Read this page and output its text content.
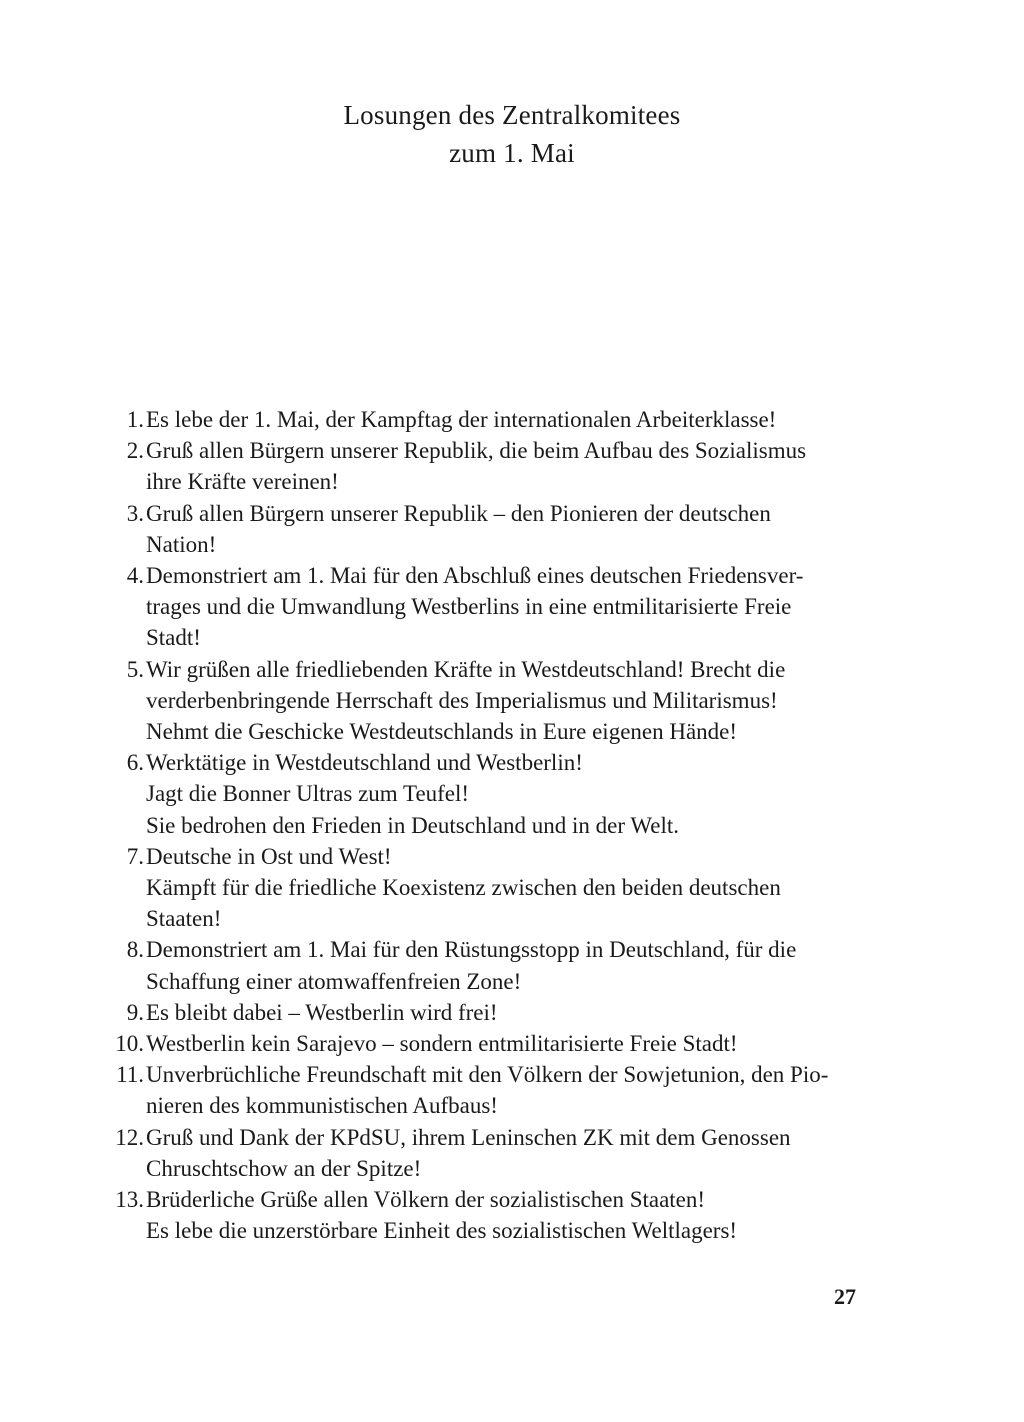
Losungen des Zentralkomitees
zum 1. Mai
1. Es lebe der 1. Mai, der Kampftag der internationalen Arbeiterklasse!
2. Gruß allen Bürgern unserer Republik, die beim Aufbau des Sozialismus
ihre Kräfte vereinen!
3. Gruß allen Bürgern unserer Republik – den Pionieren der deutschen
Nation!
4. Demonstriert am 1. Mai für den Abschluß eines deutschen Friedensver-
trages und die Umwandlung Westberlins in eine entmilitarisierte Freie
Stadt!
5. Wir grüßen alle friedliebenden Kräfte in Westdeutschland! Brecht die
verderbenbringende Herrschaft des Imperialismus und Militarismus!
Nehmt die Geschicke Westdeutschlands in Eure eigenen Hände!
6. Werktätige in Westdeutschland und Westberlin!
Jagt die Bonner Ultras zum Teufel!
Sie bedrohen den Frieden in Deutschland und in der Welt.
7. Deutsche in Ost und West!
Kämpft für die friedliche Koexistenz zwischen den beiden deutschen
Staaten!
8. Demonstriert am 1. Mai für den Rüstungsstopp in Deutschland, für die
Schaffung einer atomwaffenfreien Zone!
9. Es bleibt dabei – Westberlin wird frei!
10. Westberlin kein Sarajevo – sondern entmilitarisierte Freie Stadt!
11. Unverbrüchliche Freundschaft mit den Völkern der Sowjetunion, den Pio-
nieren des kommunistischen Aufbaus!
12. Gruß und Dank der KPdSU, ihrem Leninschen ZK mit dem Genossen
Chruschtschow an der Spitze!
13. Brüderliche Grüße allen Völkern der sozialistischen Staaten!
Es lebe die unzerstörbare Einheit des sozialistischen Weltlagers!
27
